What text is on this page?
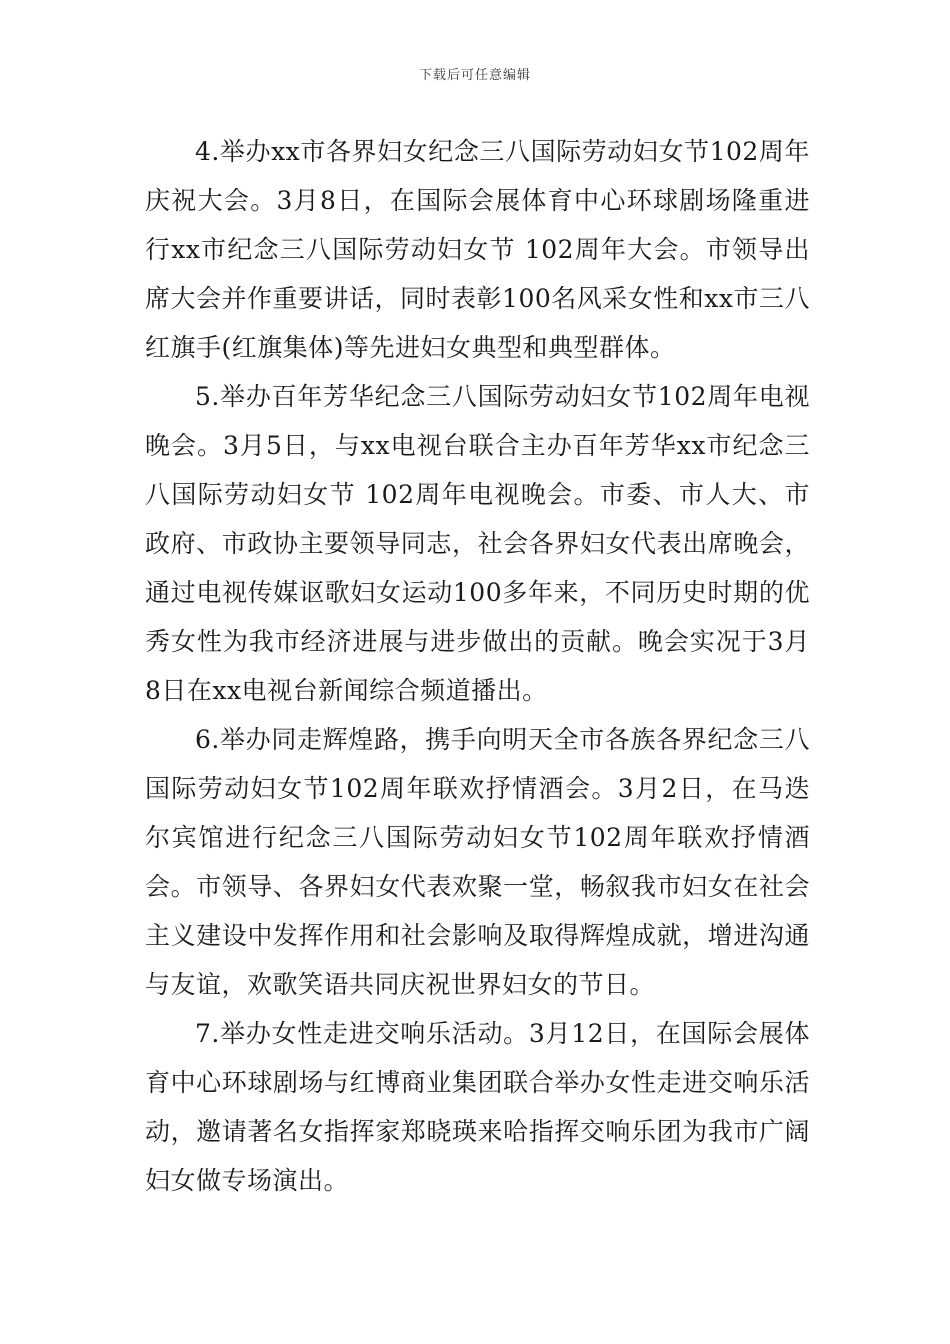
下载后可任意编辑

4.举办xx市各界妇女纪念三八国际劳动妇女节102周年庆祝大会。3月8日，在国际会展体育中心环球剧场隆重进行xx市纪念三八国际劳动妇女节 102周年大会。市领导出席大会并作重要讲话，同时表彰100名风采女性和xx市三八红旗手(红旗集体)等先进妇女典型和典型群体。

5.举办百年芳华纪念三八国际劳动妇女节102周年电视晚会。3月5日，与xx电视台联合主办百年芳华xx市纪念三八国际劳动妇女节 102周年电视晚会。市委、市人大、市政府、市政协主要领导同志，社会各界妇女代表出席晚会，通过电视传媒讴歌妇女运动100多年来，不同历史时期的优秀女性为我市经济进展与进步做出的贡献。晚会实况于3月8日在xx电视台新闻综合频道播出。

6.举办同走辉煌路，携手向明天全市各族各界纪念三八国际劳动妇女节102周年联欢抒情酒会。3月2日，在马迭尔宾馆进行纪念三八国际劳动妇女节102周年联欢抒情酒会。市领导、各界妇女代表欢聚一堂，畅叙我市妇女在社会主义建设中发挥作用和社会影响及取得辉煌成就，增进沟通与友谊，欢歌笑语共同庆祝世界妇女的节日。

7.举办女性走进交响乐活动。3月12日，在国际会展体育中心环球剧场与红博商业集团联合举办女性走进交响乐活动，邀请著名女指挥家郑晓瑛来哈指挥交响乐团为我市广阔妇女做专场演出。
